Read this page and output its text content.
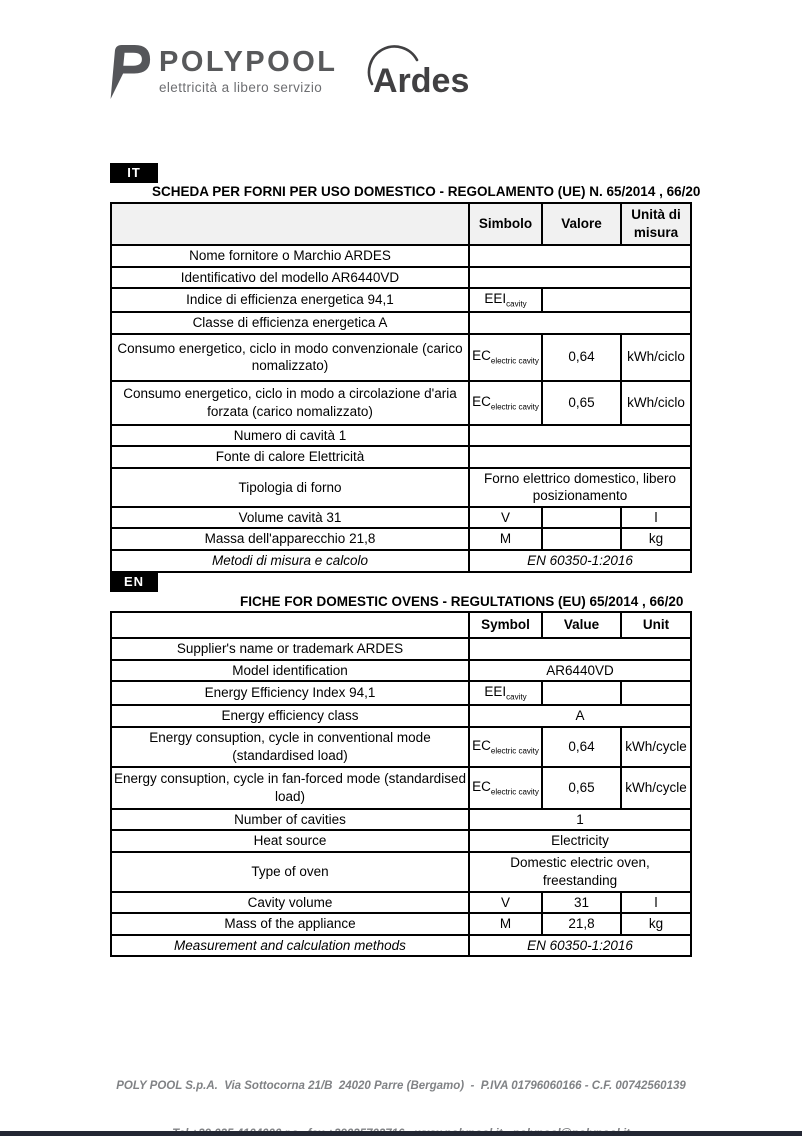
POLYPOOL
elettricità a libero servizio	Ardes
IT
SCHEDA PER FORNI PER USO DOMESTICO - REGOLAMENTO (UE) N. 65/2014 , 66/20
	Simbolo	Valore	Unità di misura
Nome fornitore o Marchio ARDES			
Identificativo del modello AR6440VD			
Indice di efficienza energetica 94,1	$EEI_{cavity}$	
Classe di efficienza energetica A			
Consumo energetico, ciclo in modo convenzionale (carico nomalizzato)	$EC_{electric cavity}$	0,64	kWh/ciclo
Consumo energetico, ciclo in modo a circolazione d'aria forzata (carico nomalizzato)	$EC_{electric cavity}$	0,65	kWh/ciclo
Numero di cavità 1			
Fonte di calore Elettricità			
Tipologia di forno	Forno elettrico domestico, libero posizionamento		
Volume cavità 31	V		l
Massa dell'apparecchio 21,8	M		kg
Metodi di misura e calcolo	EN 60350-1:2016		
EN
FICHE FOR DOMESTIC OVENS - REGULTATIONS (EU) 65/2014 , 66/20
	Symbol	Value	Unit
Supplier's name or trademark ARDES			
Model identification	AR6440VD		
Energy Efficiency Index 94,1	$EEI_{cavity}$		
Energy efficiency class	A		
Energy consuption, cycle in conventional mode (standardised load)	$EC_{electric cavity}$	0,64	kWh/cycle
Energy consuption, cycle in fan-forced mode (standardised load)	$EC_{electric cavity}$	0,65	kWh/cycle
Number of cavities	1		
Heat source	Electricity		
Type of oven	Domestic electric oven, freestanding		
Cavity volume	V	31	l
Mass of the appliance	M	21,8	kg
Measurement and calculation methods	EN 60350-1:2016		

POLY POOL S.p.A.  Via Sottocorna 21/B  24020 Parre (Bergamo)  -  P.IVA 01796060166 - C.F. 00742560139
